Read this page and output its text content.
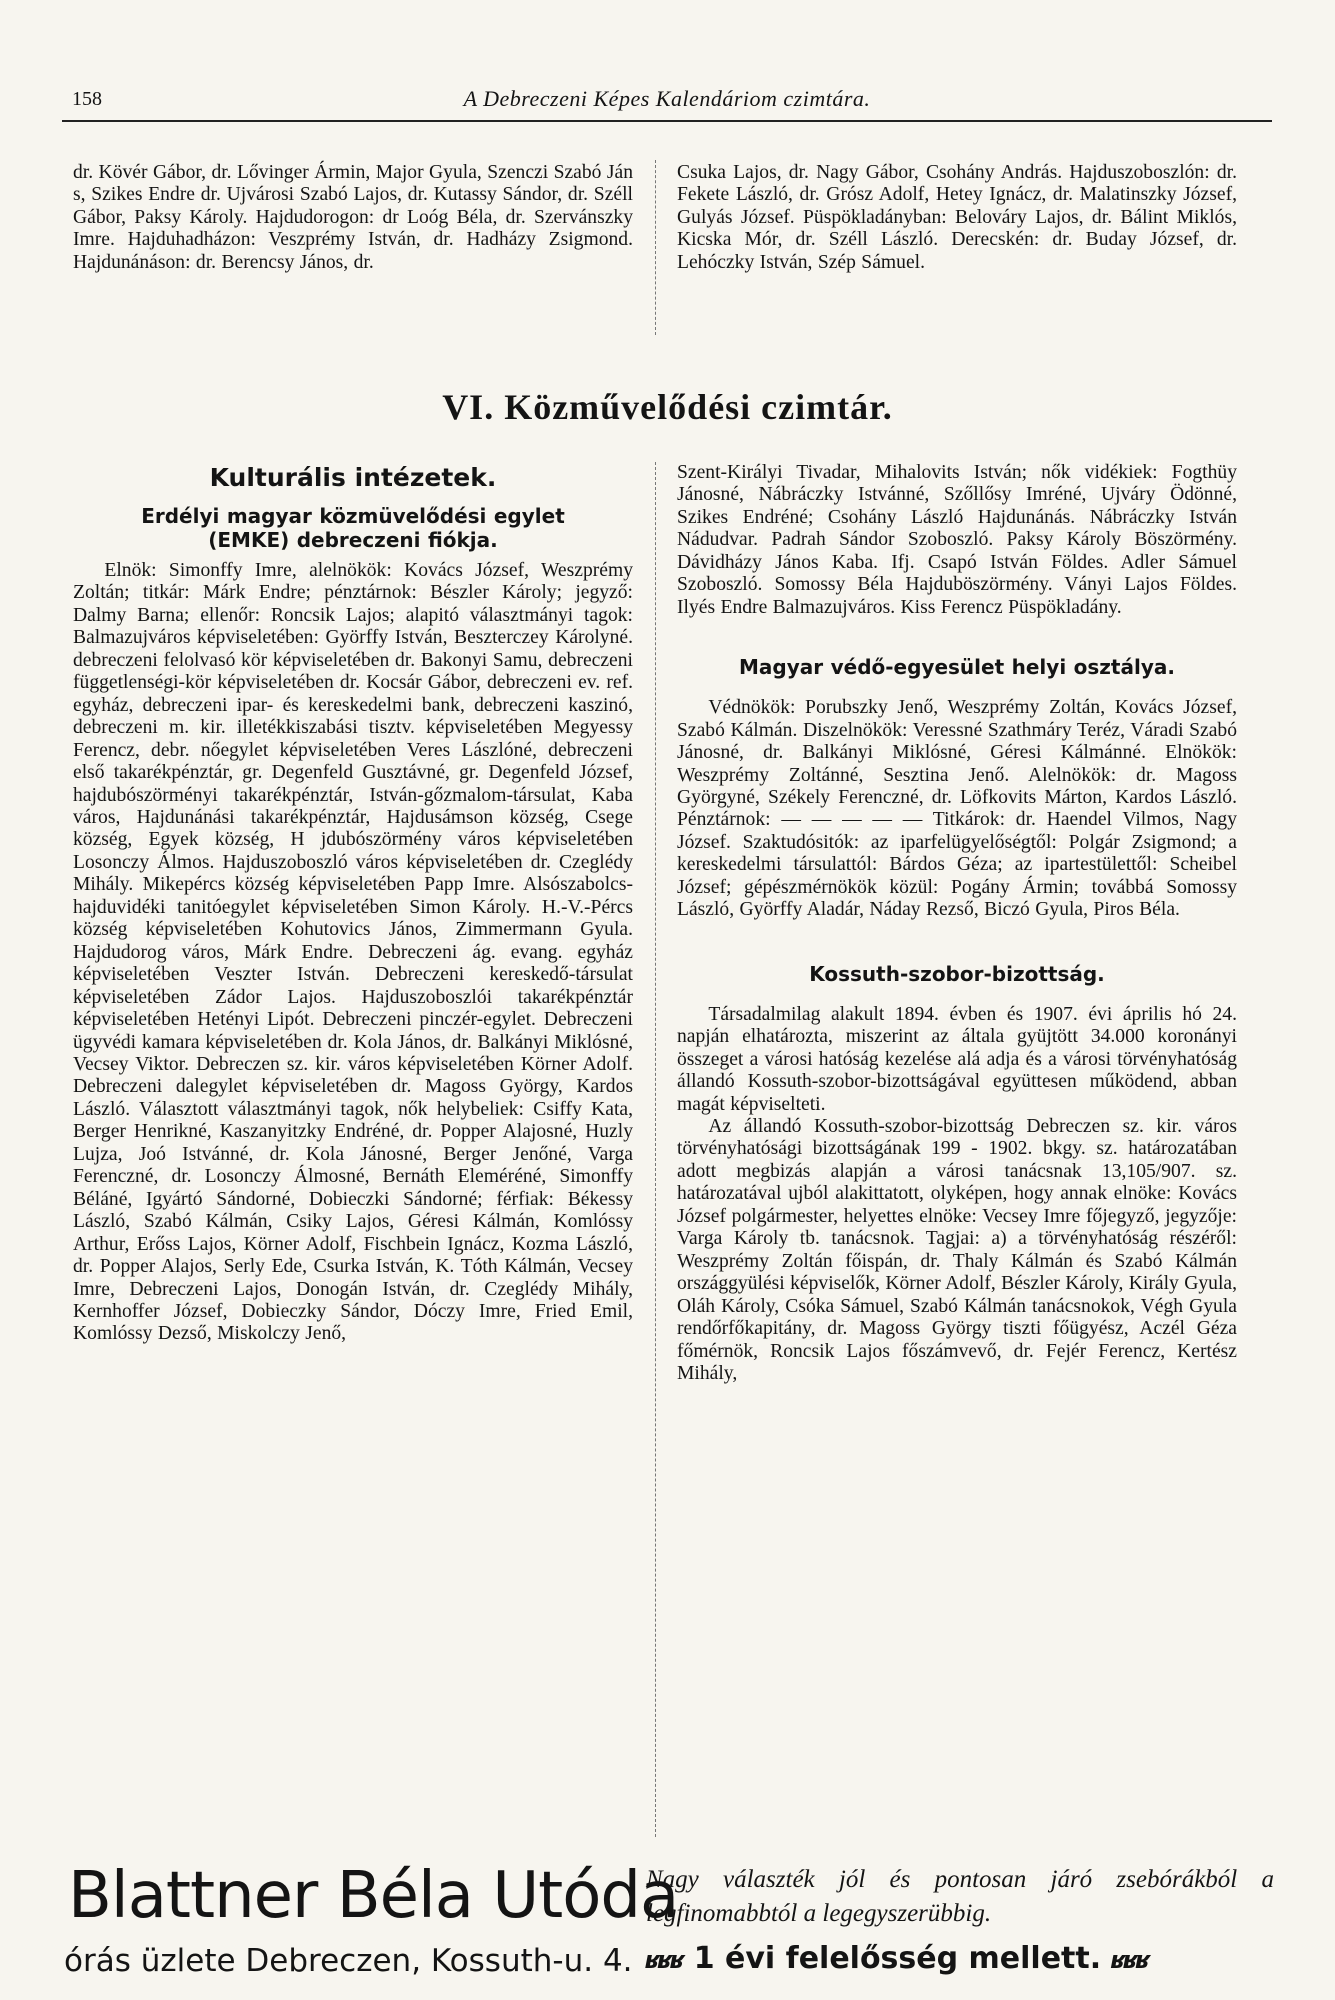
158	A Debreczeni Képes Kalendáriom czimtára.

dr. Kövér Gábor, dr. Lővinger Ármin, Major Gyula, Szenczi Szabó Ján s, Szikes Endre dr. Ujvárosi Szabó Lajos, dr. Kutassy Sándor, dr. Széll Gábor, Paksy Károly. Hajdudorogon: dr Loóg Béla, dr. Szervánszky Imre. Hajduhadházon: Veszprémy István, dr. Hadházy Zsigmond. Hajdunánáson: dr. Berencsy János, dr.

Csuka Lajos, dr. Nagy Gábor, Csohány András. Hajduszoboszlón: dr. Fekete László, dr. Grósz Adolf, Hetey Ignácz, dr. Malatinszky József, Gulyás József. Püspökladányban: Belováry Lajos, dr. Bálint Miklós, Kicska Mór, dr. Széll László. Derecskén: dr. Buday József, dr. Lehóczky István, Szép Sámuel.

VI. Közművelődési czimtár.
Kulturális intézetek.
Erdélyi magyar közmüvelődési egylet
(EMKE) debreczeni fiókja.

Elnök: Simonffy Imre, alelnökök: Kovács József, Weszprémy Zoltán; titkár: Márk Endre; pénztárnok: Bészler Károly; jegyző: Dalmy Barna; ellenőr: Roncsik Lajos; alapitó választmányi tagok: Balmazujváros képviseletében: Györffy István, Beszterczey Károlyné. debreczeni felolvasó kör képviseletében dr. Bakonyi Samu, debreczeni függetlenségi-kör képviseletében dr. Kocsár Gábor, debreczeni ev. ref. egyház, debreczeni ipar- és kereskedelmi bank, debreczeni kaszinó, debreczeni m. kir. illetékkiszabási tisztv. képviseletében Megyessy Ferencz, debr. nőegylet képviseletében Veres Lászlóné, debreczeni első takarékpénztár, gr. Degenfeld Gusztávné, gr. Degenfeld József, hajdubószörményi takarékpénztár, István-gőzmalom-társulat, Kaba város, Hajdunánási takarékpénztár, Hajdusámson község, Csege község, Egyek község, H jdubószörmény város képviseletében Losonczy Álmos. Hajduszoboszló város képviseletében dr. Czeglédy Mihály. Mikepércs község képviseletében Papp Imre. Alsószabolcs-hajduvidéki tanitóegylet képviseletében Simon Károly. H.-V.-Pércs község képviseletében Kohutovics János, Zimmermann Gyula. Hajdudorog város, Márk Endre. Debreczeni ág. evang. egyház képviseletében Veszter István. Debreczeni kereskedő-társulat képviseletében Zádor Lajos. Hajduszoboszlói takarékpénztár képviseletében Hetényi Lipót. Debreczeni pinczér-egylet. Debreczeni ügyvédi kamara képviseletében dr. Kola János, dr. Balkányi Miklósné, Vecsey Viktor. Debreczen sz. kir. város képviseletében Körner Adolf. Debreczeni dalegylet képviseletében dr. Magoss György, Kardos László. Választott választmányi tagok, nők helybeliek: Csiffy Kata, Berger Henrikné, Kaszanyitzky Endréné, dr. Popper Alajosné, Huzly Lujza, Joó Istvánné, dr. Kola Jánosné, Berger Jenőné, Varga Ferenczné, dr. Losonczy Álmosné, Bernáth Eleméréné, Simonffy Béláné, Igyártó Sándorné, Dobieczki Sándorné; férfiak: Békessy László, Szabó Kálmán, Csiky Lajos, Géresi Kálmán, Komlóssy Arthur, Erőss Lajos, Körner Adolf, Fischbein Ignácz, Kozma László, dr. Popper Alajos, Serly Ede, Csurka István, K. Tóth Kálmán, Vecsey Imre, Debreczeni Lajos, Donogán István, dr. Czeglédy Mihály, Kernhoffer József, Dobieczky Sándor, Dóczy Imre, Fried Emil, Komlóssy Dezső, Miskolczy Jenő,

Szent-Királyi Tivadar, Mihalovits István; nők vidékiek: Fogthüy Jánosné, Nábráczky Istvánné, Szőllősy Imréné, Ujváry Ödönné, Szikes Endréné; Csohány László Hajdunánás. Nábráczky István Nádudvar. Padrah Sándor Szoboszló. Paksy Károly Böszörmény. Dávidházy János Kaba. Ifj. Csapó István Földes. Adler Sámuel Szoboszló. Somossy Béla Hajduböszörmény. Ványi Lajos Földes. Ilyés Endre Balmazujváros. Kiss Ferencz Püspökladány.

Magyar védő-egyesület helyi osztálya.

Védnökök: Porubszky Jenő, Weszprémy Zoltán, Kovács József, Szabó Kálmán. Diszelnökök: Veressné Szathmáry Teréz, Váradi Szabó Jánosné, dr. Balkányi Miklósné, Géresi Kálmánné. Elnökök: Weszprémy Zoltánné, Sesztina Jenő. Alelnökök: dr. Magoss Györgyné, Székely Ferenczné, dr. Löfkovits Márton, Kardos László. Pénztárnok: — — — — — Titkárok: dr. Haendel Vilmos, Nagy József. Szaktudósitók: az iparfelügyelőségtől: Polgár Zsigmond; a kereskedelmi társulattól: Bárdos Géza; az ipartestülettől: Scheibel József; gépészmérnökök közül: Pogány Ármin; továbbá Somossy László, Györffy Aladár, Náday Rezső, Biczó Gyula, Piros Béla.

Kossuth-szobor-bizottság.

Társadalmilag alakult 1894. évben és 1907. évi április hó 24. napján elhatározta, miszerint az általa gyüjtött 34.000 koronányi összeget a városi hatóság kezelése alá adja és a városi törvényhatóság állandó Kossuth-szobor-bizottságával együttesen működend, abban magát képviselteti.

Az állandó Kossuth-szobor-bizottság Debreczen sz. kir. város törvényhatósági bizottságának 199 - 1902. bkgy. sz. határozatában adott megbizás alapján a városi tanácsnak 13,105/907. sz. határozatával ujból alakittatott, olyképen, hogy annak elnöke: Kovács József polgármester, helyettes elnöke: Vecsey Imre főjegyző, jegyzője: Varga Károly tb. tanácsnok. Tagjai: a) a törvényhatóság részéről: Weszprémy Zoltán főispán, dr. Thaly Kálmán és Szabó Kálmán országgyülési képviselők, Körner Adolf, Bészler Károly, Király Gyula, Oláh Károly, Csóka Sámuel, Szabó Kálmán tanácsnokok, Végh Gyula rendőrfőkapitány, dr. Magoss György tiszti főügyész, Aczél Géza főmérnök, Roncsik Lajos főszámvevő, dr. Fejér Ferencz, Kertész Mihály,

Blattner Béla Utóda
órás üzlete Debreczen, Kossuth-u. 4.
Nagy választék jól és pontosan járó zsebórákból a legfinomabbtól a legegyszerübbig.
ʁʁʁ 1 évi felelősség mellett. ʁʁʁ
